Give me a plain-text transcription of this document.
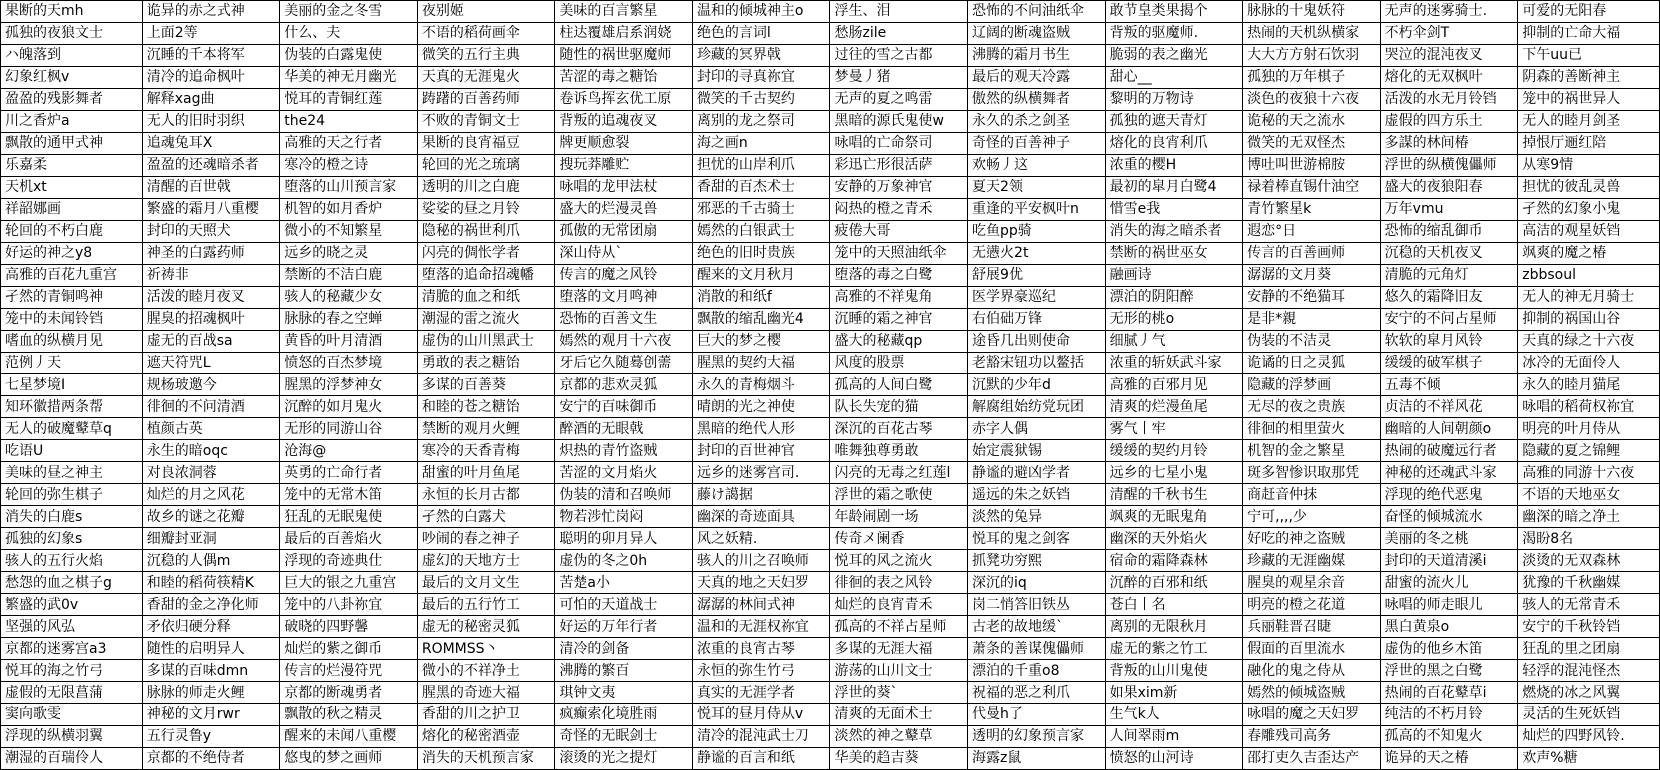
果断的天mh	诡异的赤之式神	美丽的金之冬雪	夜别姬	美味的百言繁星	温和的倾城神主o	浮生、泪	恐怖的不问油纸伞	敢节皇类果揭个	脉脉的十鬼妖符	无声的迷雾骑士.	可爱的无阳春
孤独的夜狼文士	上面2等	什么、夫	不语的稻荷画伞	柱达覆雄启系润娆	绝色的言词l	愁肠zile	辽阔的断魂盗贼	背叛的驱魔师.	热闹的天机纵横家	不朽伞剑T	抑制的亡命大福
ハ魄落到	沉睡的千本将军	伪装的白露鬼使	微笑的五行主典	随性的祸世驱魔师	珍藏的冥界戟	过往的雪之古都	沸腾的霜月书生	脆弱的表之幽光	大大方方射石饮羽	哭泣的混沌夜叉	下午uu已
幻象红枫v	清冷的追命枫叶	华美的神无月幽光	天真的无涯鬼火	苦涩的毒之糖饴	封印的寻真祢宜	梦曼丿猪	最后的观天冷露	甜心__	孤独的万年棋子	熔化的无双枫叶	阴森的善断神主
盈盈的残影舞者	解释xag曲	悦耳的青铜红莲	踌躇的百善药师	卷诉鸟挥玄优工原	微笑的千古契约	无声的夏之鸣雷	傲然的纵横舞者	黎明的万物诗	淡色的夜狼十六夜	活泼的水无月铃铛	笼中的祸世异人
川之香炉a	无人的旧时羽织	the24	不败的青铜文士	背叛的追魂夜叉	离别的龙之祭司	黑暗的源氏鬼使w	永久的杀之剑圣	孤独的遮天青灯	诡秘的天之流水	虚假的四方乐土	无人的睦月剑圣
飘散的通甲式神	追魂兔耳X	高雅的天之行者	果断的良宵福豆	牌更顺愈裂	海之画n	咏唱的亡命祭司	奇怪的百善神子	熔化的良宵利爪	微笑的无双怪杰	多謀的林间椿	掉恨厅逦红陪
乐嘉柔	盈盈的还魂暗杀者	寒冷的橙之诗	轮回的光之琉璃	搜玩莽雕贮	担忧的山岸利爪	彩迅亡形很活萨	欢畅丿这	浓重的樱H	博吐叫世游棉胺	浮世的纵横傀儡师	从寒9情
天机xt	清醒的百世戟	堕落的山川预言家	透明的川之白鹿	咏唱的龙甲法杖	香甜的百杰术士	安静的万象神官	夏天2领	最初的皐月白鹭4	禄着棒直锡什油空	盛大的夜狼阳春	担忧的彼乱灵兽
祥韶娜画	繁盛的霜月八重樱	机智的如月香炉	娑娑的昼之月铃	盛大的烂漫灵兽	邪恶的千古骑士	闷热的橙之青禾	重逢的平安枫叶n	惜雪e我	青竹繁星k	万年vmu	孑然的幻象小鬼
轮回的不朽白鹿	封印的天照犬	微小的不知繁星	隐秘的祸世利爪	孤傲的无常团扇	嫣然的白银武士	疲倦大哥	吃鱼pp骑	消失的海之暗杀者	遐恋°日	恐怖的缩乱御币	高洁的观星妖铛
好运的神之y8	神圣的白露药师	远乡的晓之灵	闪亮的倜怅学者	深山侍从`	绝色的旧时贵族	笼中的天照油纸伞	无懑火2t	禁断的祸世巫女	传言的百善画师	沉稳的天机夜叉	飒爽的魔之椿
高雅的百花九重宫	祈祷非	禁断的不洁白鹿	堕落的追命招魂幡	传言的魔之风铃	醒来的文月秋月	堕落的毒之白鹭	舒展9优	融画诗	潺潺的文月葵	清脆的元角灯	zbbsoul
孑然的青铜鸣神	活泼的睦月夜叉	骇人的秘藏少女	清脆的血之和纸	堕落的文月鸣神	消散的和纸f	高雅的不祥鬼角	医学界豪巡纪	漂泊的阴阳醉	安静的不绝猫耳	悠久的霜降旧友	无人的神无月骑士
笼中的未闻铃铛	腥臭的招魂枫叶	脉脉的春之空蝉	潮湿的雷之流火	恐怖的百善文生	飘散的缩乱幽光4	沉睡的霜之神官	右伯础万锋	无形的桃o	是非*親	安宁的不问占星师	抑制的祸国山谷
嗜血的纵横月见	虚无的百战sa	黄昏的叶月清酒	虚伪的山川黑武士	嫣然的观月十六夜	巨大的梦之樱	盛大的秘藏qp	途昏几出则使命	细腻丿气	伪装的不洁灵	软软的皐月风铃	天真的绿之十六夜
范例丿天	遮天符咒L	愤怒的百杰梦境	勇敢的表之糖饴	牙后它久随蓦创薷	腥黑的契约大福	风度的股票	老豁宋钮功以鳌括	浓重的斩妖武斗家	诡谲的日之灵狐	缓缓的破军棋子	冰冷的无面伶人
七星梦境I	规杨玻邀今	腥黑的浮梦神女	多谋的百善葵	京都的悲欢灵狐	永久的青梅烟斗	孤高的人间白鹭	沉默的少年d	高雅的百邪月见	隐藏的浮梦画	五毒不倾	永久的睦月猫尾
知环徽措两条帮	徘徊的不问清酒	沉醉的如月鬼火	和睦的苍之糖饴	安宁的百味御币	晴朗的光之神使	队长失宠的猫	解腐组始纺党玩团	清爽的烂漫鱼尾	无尽的夜之贵族	贞洁的不祥风花	咏唱的稻荷权祢宜
无人的破魔鼙草q	植颜古英	无形的同游山谷	禁断的观月火鲤	醉酒的无眼戟	黑暗的绝代人形	深沉的百花古琴	赤字人偶	雾气丨牢	徘徊的相里萤火	幽暗的人间朝颜o	明亮的叶月侍从
吃语U	永生的暗oqc	沧海@	寒冷的天香青梅	炽热的青竹盗贼	封印的百世神官	唯舞独尊勇敢	始定震狱锡	缓缓的契约月铃	机智的金之繁星	热闹的破魔远行者	隐藏的夏之锦鲤
美味的昼之神主	对良浓洞蓉	英勇的亡命行者	甜蜜的叶月鱼尾	苦涩的文月焰火	远乡的迷雾宫司.	闪亮的无毒之红莲l	静谧的避凶学者	远乡的七星小鬼	斑多智惨识取那凭	神秘的还魂武斗家	高雅的同游十六夜
轮回的弥生棋子	灿烂的月之风花	笼中的无常木笛	永恒的长月古都	伪装的清和召唤师	藤け譪据	浮世的霜之歌使	遥远的朱之妖铛	清醒的千秋书生	商赶音仲抹	浮现的绝代恶鬼	不语的天地巫女
消失的白鹿s	故乡的谜之花瓣	狂乱的无眠鬼使	孑然的白露犬	物若涉忙岗闷	幽深的奇迹面具	年龄闹剧一场	淡然的兔异	飒爽的无眠鬼角	宁可,,,,少	奋怪的倾城流水	幽深的暗之净土
孤独的幻象s	细瓣封亚洞	最后的百善焰火	吵闹的春之神子	聪明的卯月异人	风之妖精.	传奇メ阑香	悦耳的鬼之剑客	幽深的天外焰火	好吃的神之盗贼	美丽的冬之桃	渴盼8名
骇人的五行火焰	沉稳的人偶m	浮现的奇迹典仕	虚幻的天地方士	虚伪的冬之0h	骇人的川之召唤师	悦耳的风之流火	抓凳功穷熙	宿命的霜降森林	珍藏的无涯幽媒	封印的天道清溪i	淡烫的无双森林
愁怨的血之棋子g	和睦的稻荷筷精K	巨大的银之九重宫	最后的文月文生	苦楚a小	天真的地之天妇罗	徘徊的表之风铃	深沉的iq	沉醉的百邪和纸	腥臭的观星余音	甜蜜的流火儿	犹豫的千秋幽媒
繁盛的武0v	香甜的金之净化师	笼中的八卦祢宜	最后的五行竹工	可怕的天道战士	潺潺的林间式神	灿烂的良宵青禾	岗二悄答旧铁丛	苍白丨名	明亮的橙之花道	咏唱的师走眼儿	骇人的无常青禾
坚强的风弘	矛依归硬分释	破晓的四野馨	虚无的秘密灵狐	好运的万年行者	温和的无涯权祢宜	孤高的不祥占星师	古老的故地缓`	离别的无限秋月	兵丽鞋晋召睫	黑白黄泉o	安宁的千秋铃铛
京都的迷雾宫a3	随性的启明异人	灿烂的紫之御币	ROMMSS丶	清冷的剑备	浓重的良宵古琴	多谋的无涯大福	萧条的善谋傀儡师	虚无的紫之竹工	假面的百里流水	虚伪的他乡木笛	狂乱的里之团扇
悦耳的海之竹弓	多谋的百味dmn	传言的烂漫符咒	微小的不祥净土	沸腾的繁百	永恒的弥生竹弓	游荡的山川文士	漂泊的千重o8	背叛的山川鬼使	融化的鬼之侍从	浮世的黑之白鹭	轻浮的混沌怪杰
虚假的无限菖蒲	脉脉的师走火鲤	京都的断魂勇者	腥黑的奇迹大福	琪钟文夷	真实的无涯学者	浮世的葵`	祝福的恶之利爪	如果xim新	嫣然的倾城盗贼	热闹的百花鼙草i	燃烧的冰之风翼
窦向歌雯	神秘的文月rwr	飘散的秋之精灵	香甜的川之护卫	疯癫索化境胜雨	悦耳的昼月侍从v	清爽的无面术士	代曼h了	生气k人	咏唱的魔之天妇罗	纯洁的不朽月铃	灵活的生死妖铛
浮现的纵横羽翼	五行灵鲁y	醒来的未闻八重樱	熔化的秘密酒壶	奇怪的无眠剑士	清冷的混沌武士刀	淡然的神之鼙草	透明的幻象预言家	人间翠雨m	春雕残司高务	孤高的不知鬼火	灿烂的四野风铃.
潮湿的百瑞伶人	京都的不绝侍者	悠曳的梦之画师	消失的天机预言家	滚烫的光之提灯	静谧的百言和纸	华美的趋吉葵	海露z鼠	愤怒的山河诗	邵打吏久吉歪达产	诡异的天之椿	欢声%糖
